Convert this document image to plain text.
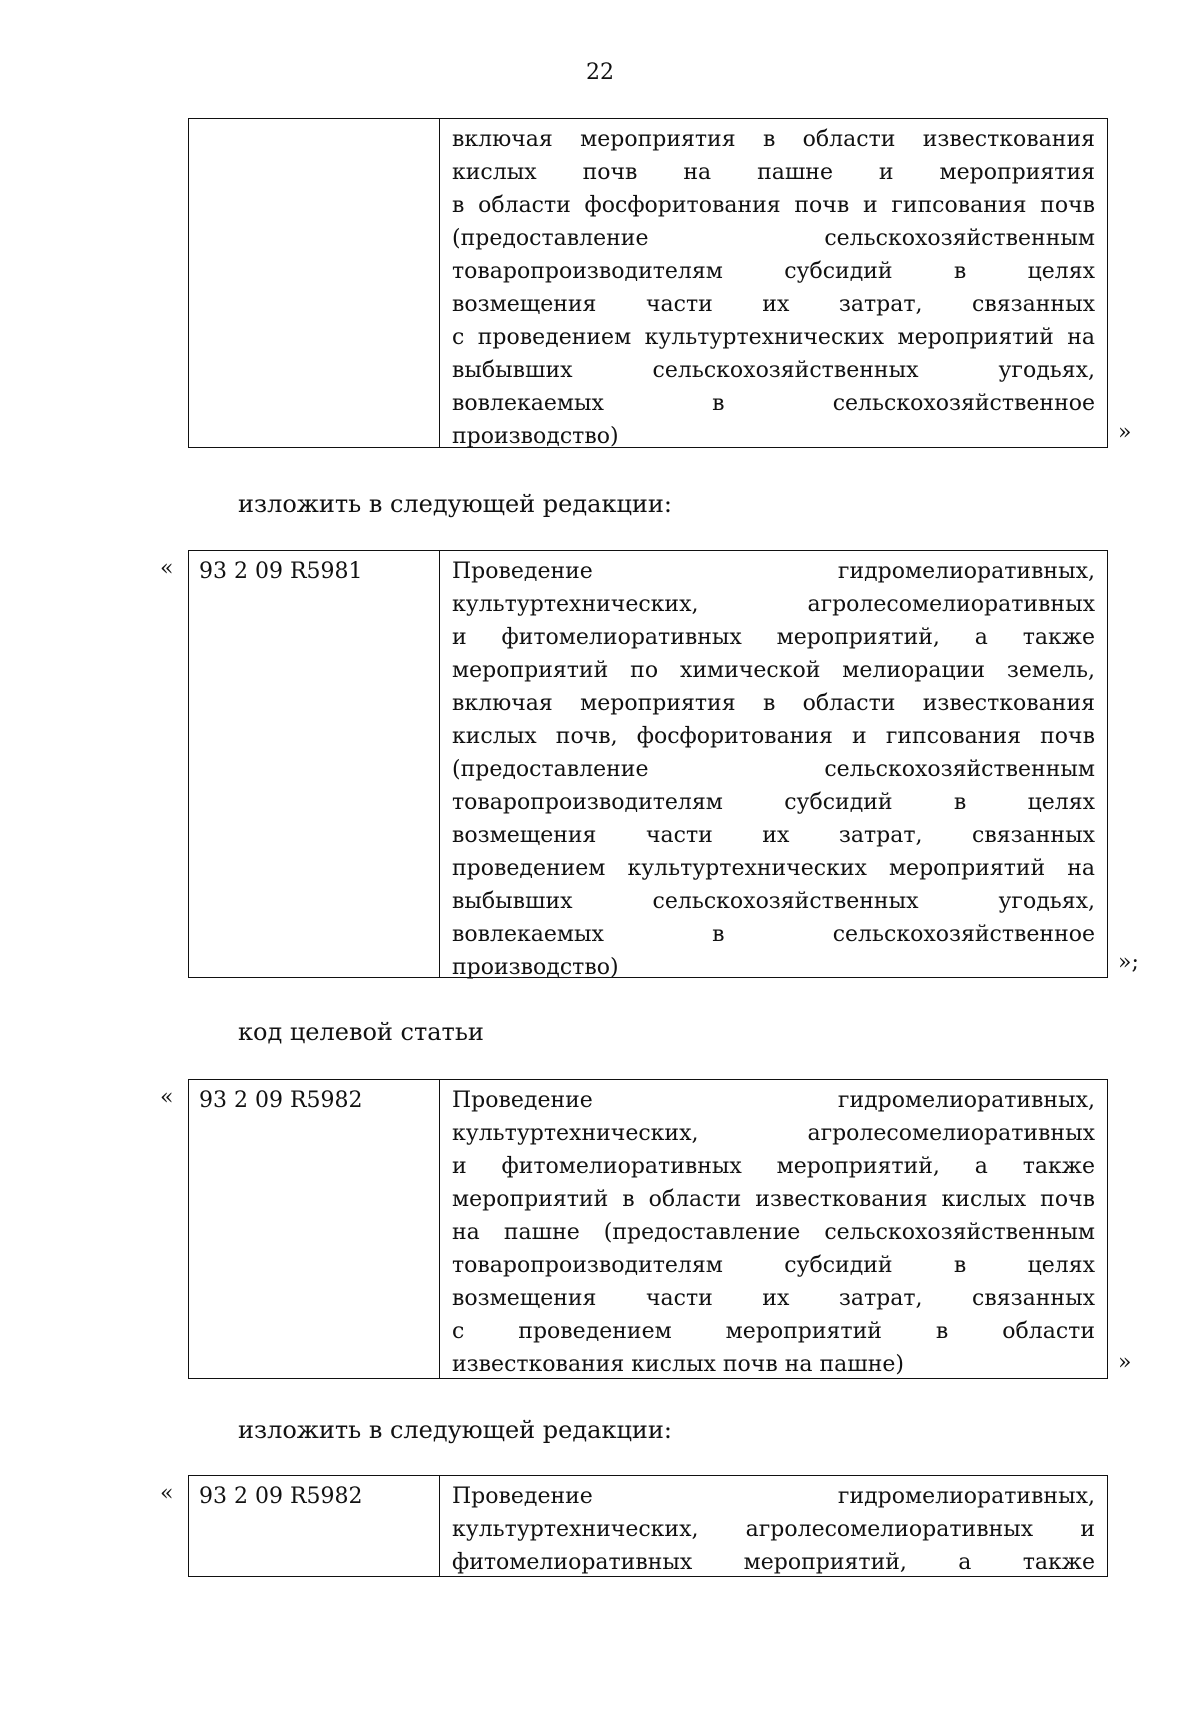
22
включая мероприятия в области известкования
кислых почв на пашне и мероприятия
в области фосфоритования почв и гипсования почв
(предоставление сельскохозяйственным
товаропроизводителям субсидий в целях
возмещения части их затрат, связанных
с проведением культуртехнических мероприятий на
выбывших сельскохозяйственных угодьях,
вовлекаемых в сельскохозяйственное
производство)	»
изложить в следующей редакции:
«	93 2 09 R5981	Проведение гидромелиоративных,
культуртехнических, агролесомелиоративных
и фитомелиоративных мероприятий, а также
мероприятий по химической мелиорации земель,
включая мероприятия в области известкования
кислых почв, фосфоритования и гипсования почв
(предоставление сельскохозяйственным
товаропроизводителям субсидий в целях
возмещения части их затрат, связанных
проведением культуртехнических мероприятий на
выбывших сельскохозяйственных угодьях,
вовлекаемых в сельскохозяйственное
производство)	»;
код целевой статьи
«	93 2 09 R5982	Проведение гидромелиоративных,
культуртехнических, агролесомелиоративных
и фитомелиоративных мероприятий, а также
мероприятий в области известкования кислых почв
на пашне (предоставление сельскохозяйственным
товаропроизводителям субсидий в целях
возмещения части их затрат, связанных
с проведением мероприятий в области
известкования кислых почв на пашне)	»
изложить в следующей редакции:
«	93 2 09 R5982	Проведение гидромелиоративных,
культуртехнических, агролесомелиоративных и
фитомелиоративных мероприятий, а также
